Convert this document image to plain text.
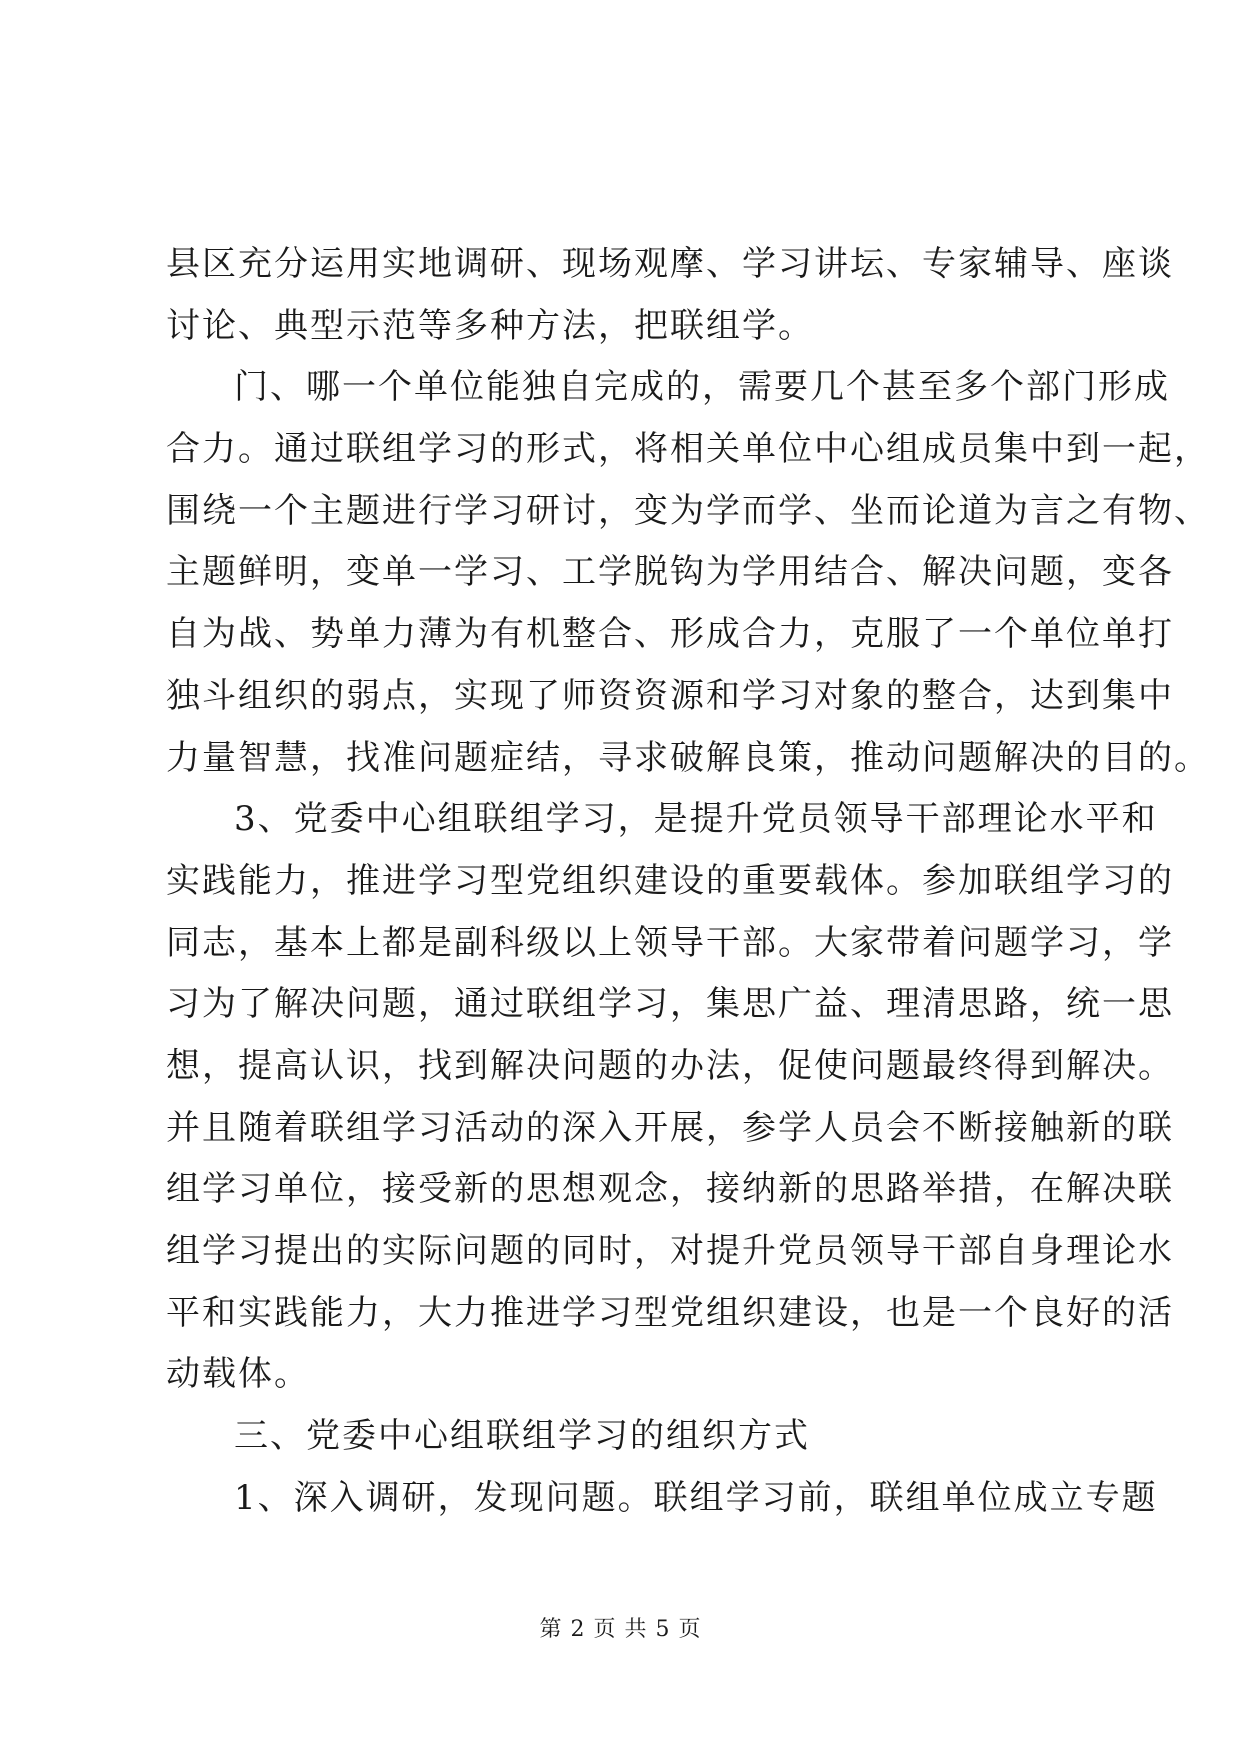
县区充分运用实地调研、现场观摩、学习讲坛、专家辅导、座谈
讨论、典型示范等多种方法，把联组学。
门、哪一个单位能独自完成的，需要几个甚至多个部门形成
合力。通过联组学习的形式，将相关单位中心组成员集中到一起，
围绕一个主题进行学习研讨，变为学而学、坐而论道为言之有物、
主题鲜明，变单一学习、工学脱钩为学用结合、解决问题，变各
自为战、势单力薄为有机整合、形成合力，克服了一个单位单打
独斗组织的弱点，实现了师资资源和学习对象的整合，达到集中
力量智慧，找准问题症结，寻求破解良策，推动问题解决的目的。
3、党委中心组联组学习，是提升党员领导干部理论水平和
实践能力，推进学习型党组织建设的重要载体。参加联组学习的
同志，基本上都是副科级以上领导干部。大家带着问题学习，学
习为了解决问题，通过联组学习，集思广益、理清思路，统一思
想，提高认识，找到解决问题的办法，促使问题最终得到解决。
并且随着联组学习活动的深入开展，参学人员会不断接触新的联
组学习单位，接受新的思想观念，接纳新的思路举措，在解决联
组学习提出的实际问题的同时，对提升党员领导干部自身理论水
平和实践能力，大力推进学习型党组织建设，也是一个良好的活
动载体。
三、党委中心组联组学习的组织方式
1、深入调研，发现问题。联组学习前，联组单位成立专题
第 2 页 共 5 页
